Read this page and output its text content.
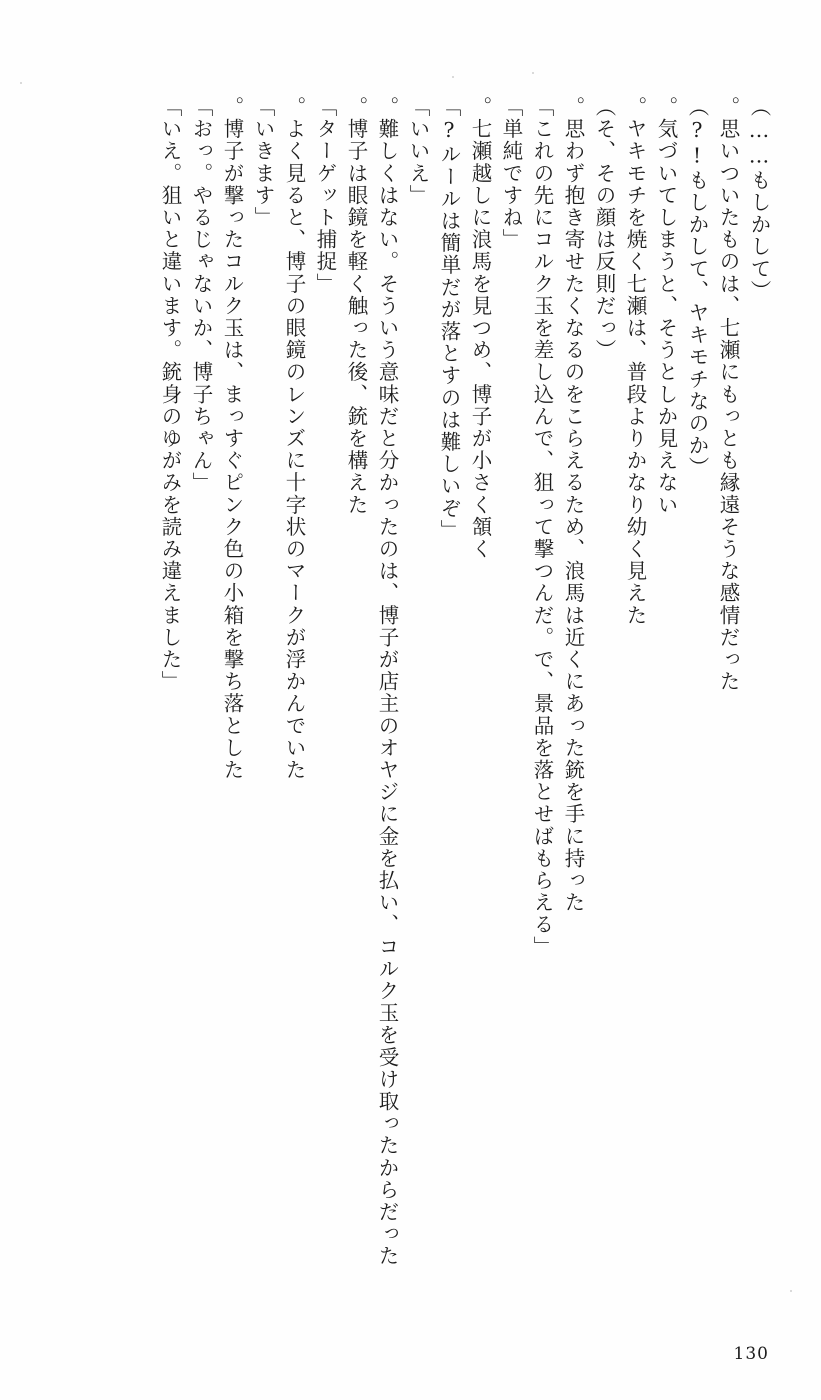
（もしかして……）
　思いついたものは、七瀬にもっとも縁遠そうな感情だった。
（もしかして、ヤキモチなのか!?）
　気づいてしまうと、そうとしか見えない。
　ヤキモチを焼く七瀬は、普段よりかなり幼く見えた。
（そ、その顔は反則だっ）
　思わず抱き寄せたくなるのをこらえるため、浪馬は近くにあった銃を手に持った。
「これの先にコルク玉を差し込んで、狙って撃つんだ。で、景品を落とせばもらえる」
「単純ですね」
　七瀬越しに浪馬を見つめ、博子が小さく頷く。
「ルールは簡単だが落とすのは難しいぞ?」
「いいえ」
　難しくはない。そういう意味だと分かったのは、博子が店主のオヤジに金を払い、コルク玉を受け取ったからだった。
　博子は眼鏡を軽く触った後、銃を構えた。
「ターゲット捕捉」
　よく見ると、博子の眼鏡のレンズに十字状のマークが浮かんでいた。
「いきます」
　博子が撃ったコルク玉は、まっすぐピンク色の小箱を撃ち落とした。
「おっ。やるじゃないか、博子ちゃん」
「いえ。狙いと違います。銃身のゆがみを読み違えました」
130
